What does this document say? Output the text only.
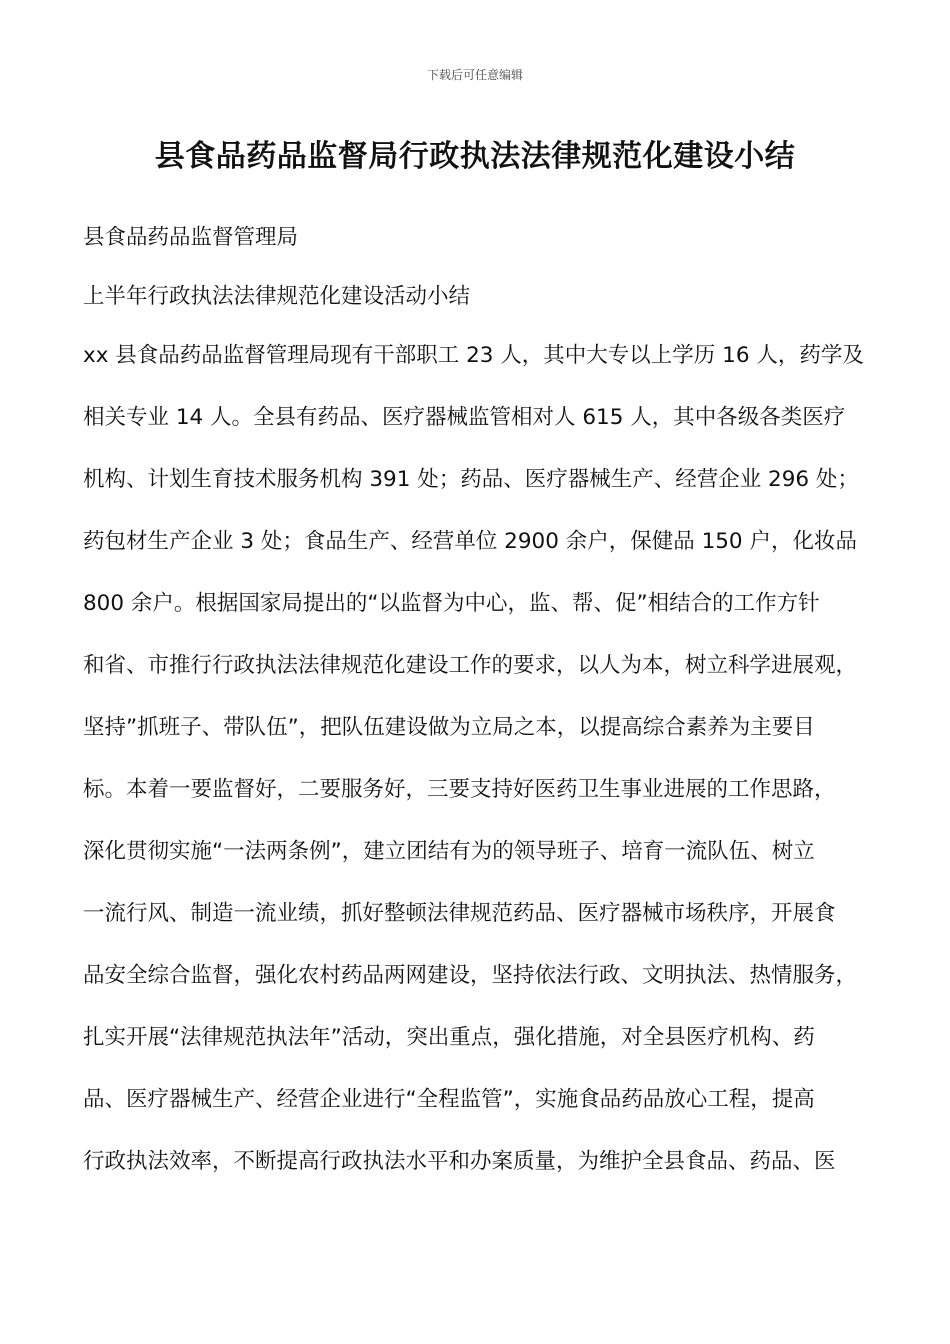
下载后可任意编辑
县食品药品监督局行政执法法律规范化建设小结
县食品药品监督管理局
上半年行政执法法律规范化建设活动小结
xx 县食品药品监督管理局现有干部职工 23 人，其中大专以上学历 16 人，药学及
相关专业 14 人。全县有药品、医疗器械监管相对人 615 人，其中各级各类医疗
机构、计划生育技术服务机构 391 处；药品、医疗器械生产、经营企业 296 处；
药包材生产企业 3 处；食品生产、经营单位 2900 余户，保健品 150 户，化妆品
800 余户。根据国家局提出的“以监督为中心，监、帮、促”相结合的工作方针
和省、市推行行政执法法律规范化建设工作的要求，以人为本，树立科学进展观，
坚持”抓班子、带队伍”，把队伍建设做为立局之本，以提高综合素养为主要目
标。本着一要监督好，二要服务好，三要支持好医药卫生事业进展的工作思路，
深化贯彻实施“一法两条例”，建立团结有为的领导班子、培育一流队伍、树立
一流行风、制造一流业绩，抓好整顿法律规范药品、医疗器械市场秩序，开展食
品安全综合监督，强化农村药品两网建设，坚持依法行政、文明执法、热情服务，
扎实开展“法律规范执法年”活动，突出重点，强化措施，对全县医疗机构、药
品、医疗器械生产、经营企业进行“全程监管”，实施食品药品放心工程，提高
行政执法效率，不断提高行政执法水平和办案质量，为维护全县食品、药品、医
